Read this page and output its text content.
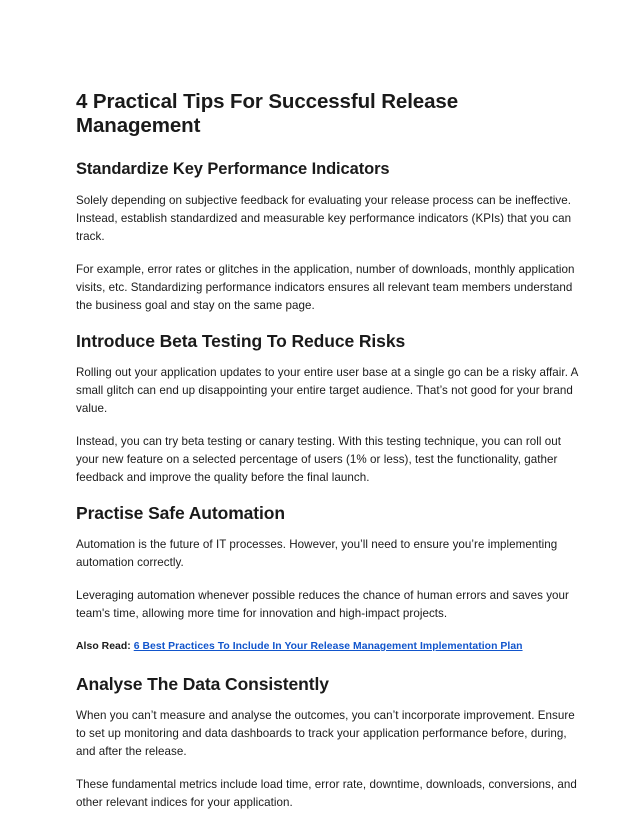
4 Practical Tips For Successful Release Management
Standardize Key Performance Indicators

Solely depending on subjective feedback for evaluating your release process can be ineffective. Instead, establish standardized and measurable key performance indicators (KPIs) that you can track.

For example, error rates or glitches in the application, number of downloads, monthly application visits, etc. Standardizing performance indicators ensures all relevant team members understand the business goal and stay on the same page.

Introduce Beta Testing To Reduce Risks

Rolling out your application updates to your entire user base at a single go can be a risky affair. A small glitch can end up disappointing your entire target audience. That’s not good for your brand value.

Instead, you can try beta testing or canary testing. With this testing technique, you can roll out your new feature on a selected percentage of users (1% or less), test the functionality, gather feedback and improve the quality before the final launch.

Practise Safe Automation

Automation is the future of IT processes. However, you’ll need to ensure you’re implementing automation correctly.

Leveraging automation whenever possible reduces the chance of human errors and saves your team's time, allowing more time for innovation and high-impact projects.

Also Read: 6 Best Practices To Include In Your Release Management Implementation Plan

Analyse The Data Consistently

When you can’t measure and analyse the outcomes, you can’t incorporate improvement. Ensure to set up monitoring and data dashboards to track your application performance before, during, and after the release.

These fundamental metrics include load time, error rate, downtime, downloads, conversions, and other relevant indices for your application.
